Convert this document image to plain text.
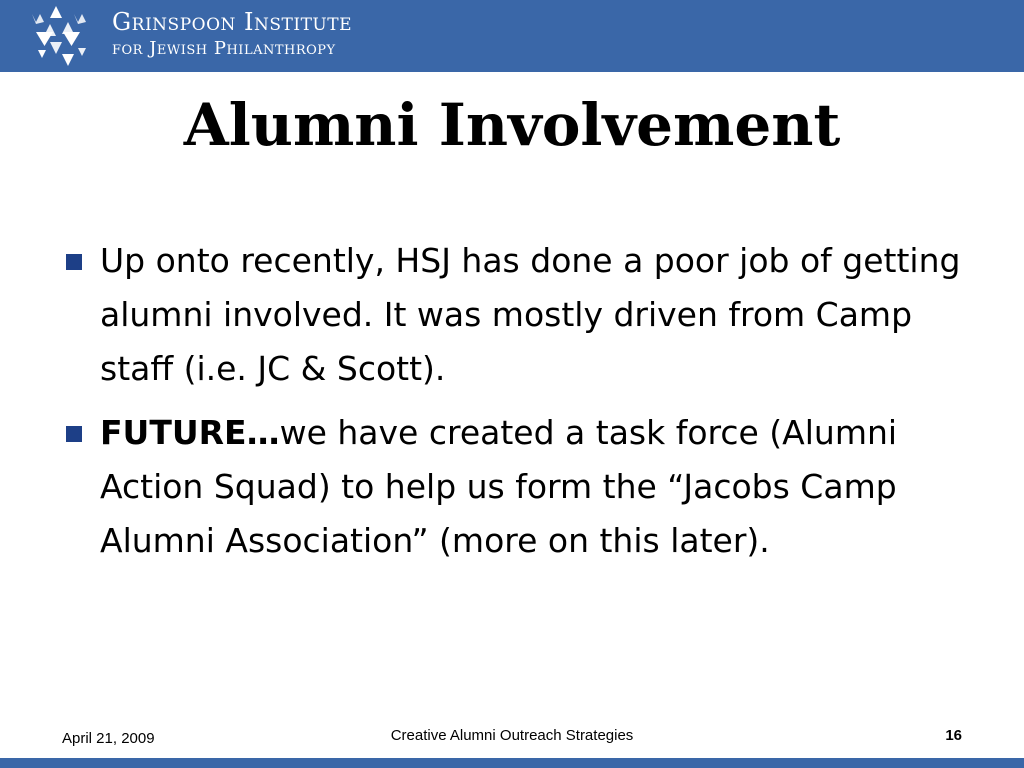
Grinspoon Institute
for Jewish Philanthropy
Alumni Involvement
Up onto recently, HSJ has done a poor job of getting alumni involved. It was mostly driven from Camp staff (i.e. JC & Scott).
FUTURE…we have created a task force (Alumni Action Squad) to help us form the “Jacobs Camp Alumni Association” (more on this later).
April 21, 2009	Creative Alumni Outreach Strategies	16
